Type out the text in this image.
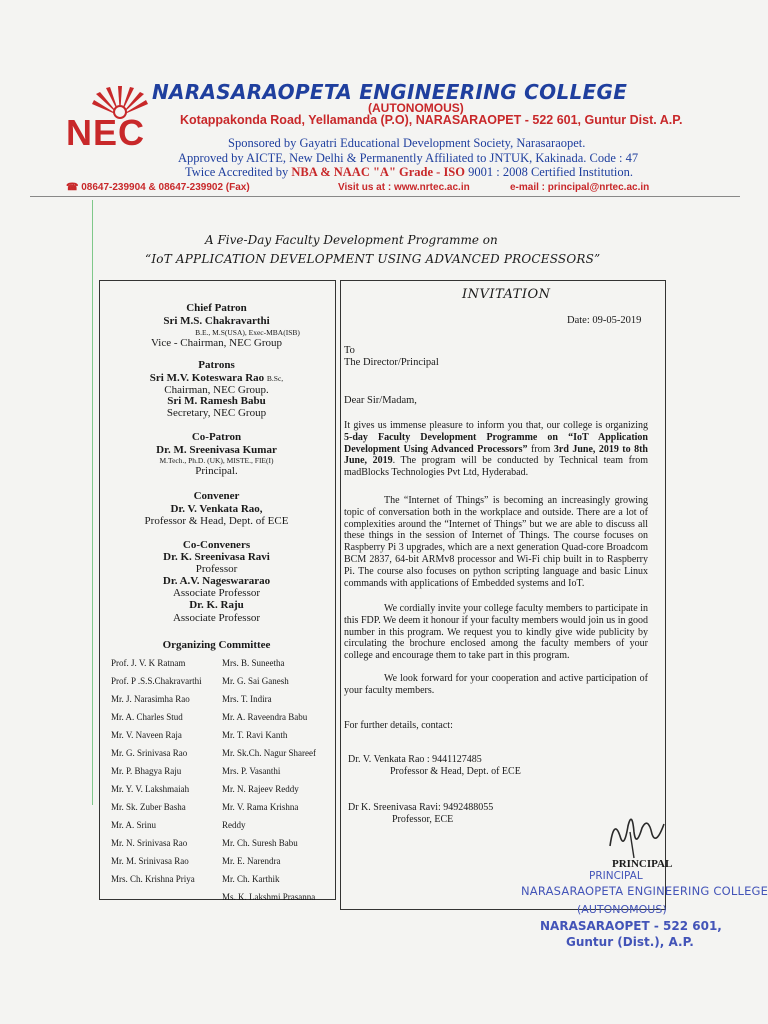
NEC
NARASARAOPETA ENGINEERING COLLEGE
(AUTONOMOUS)
Kotappakonda Road, Yellamanda (P.O), NARASARAOPET - 522 601, Guntur Dist. A.P.
Sponsored by Gayatri Educational Development Society, Narasaraopet.
Approved by AICTE, New Delhi & Permanently Affiliated to JNTUK, Kakinada. Code : 47
Twice Accredited by NBA & NAAC "A" Grade - ISO 9001 : 2008 Certified Institution.
☎ 08647-239904 & 08647-239902 (Fax)	Visit us at : www.nrtec.ac.in	e-mail : principal@nrtec.ac.in
A Five-Day Faculty Development Programme on
“IoT APPLICATION DEVELOPMENT USING ADVANCED PROCESSORS”
Chief Patron
Sri M.S. Chakravarthi
B.E., M.S(USA), Exec-MBA(ISB)
Vice - Chairman, NEC Group
Patrons
Sri M.V. Koteswara Rao B.Sc,
Chairman, NEC Group.
Sri M. Ramesh Babu
Secretary, NEC Group
Co-Patron
Dr. M. Sreenivasa Kumar
M.Tech., Ph.D. (UK), MISTE., FIE(I)
Principal.
Convener
Dr. V. Venkata Rao,
Professor & Head, Dept. of ECE
Co-Conveners
Dr. K. Sreenivasa Ravi
Professor
Dr. A.V. Nageswararao
Associate Professor
Dr. K. Raju
Associate Professor
Organizing Committee
Prof. J. V. K Ratnam
Prof. P .S.S.Chakravarthi
Mr. J. Narasimha Rao
Mr. A. Charles Stud
Mr. V. Naveen Raja
Mr. G. Srinivasa Rao
Mr. P. Bhagya Raju
Mr. Y. V. Lakshmaiah
Mr. Sk. Zuber Basha
Mr. A. Srinu
Mr. N. Srinivasa Rao
Mr. M. Srinivasa Rao
Mrs. Ch. Krishna Priya
Mrs. B. Suneetha
Mr. G. Sai Ganesh
Mrs. T. Indira
Mr. A. Raveendra Babu
Mr. T. Ravi Kanth
Mr. Sk.Ch. Nagur Shareef
Mrs. P. Vasanthi
Mr. N. Rajeev Reddy
Mr. V. Rama Krishna
Reddy
Mr. Ch. Suresh Babu
Mr. E. Narendra
Mr. Ch. Karthik
Ms. K. Lakshmi Prasanna
INVITATION
Date: 09-05-2019
To
The Director/Principal
Dear Sir/Madam,
It gives us immense pleasure to inform you that, our college is organizing 5-day Faculty Development Programme on “IoT Application Development Using Advanced Processors” from 3rd June, 2019 to 8th June, 2019. The program will be conducted by Technical team from madBlocks Technologies Pvt Ltd, Hyderabad.
The “Internet of Things” is becoming an increasingly growing topic of conversation both in the workplace and outside. There are a lot of complexities around the “Internet of Things” but we are able to discuss all these things in the session of Internet of Things. The course focuses on Raspberry Pi 3 upgrades, which are a next generation Quad-core Broadcom BCM 2837, 64-bit ARMv8 processor and Wi-Fi chip built in to Raspberry Pi. The course also focuses on python scripting language and basic Linux commands with applications of Embedded systems and IoT.
We cordially invite your college faculty members to participate in this FDP. We deem it honour if your faculty members would join us in good number in this program. We request you to kindly give wide publicity by circulating the brochure enclosed among the faculty members of your college and encourage them to take part in this program.
We look forward for your cooperation and active participation of your faculty members.
For further details, contact:
Dr. V. Venkata Rao : 9441127485
Professor & Head, Dept. of ECE
Dr K. Sreenivasa Ravi: 9492488055
Professor, ECE
PRINCIPAL
PRINCIPAL
NARASARAOPETA ENGINEERING COLLEGE
(AUTONOMOUS)
NARASARAOPET - 522 601,
Guntur (Dist.), A.P.
